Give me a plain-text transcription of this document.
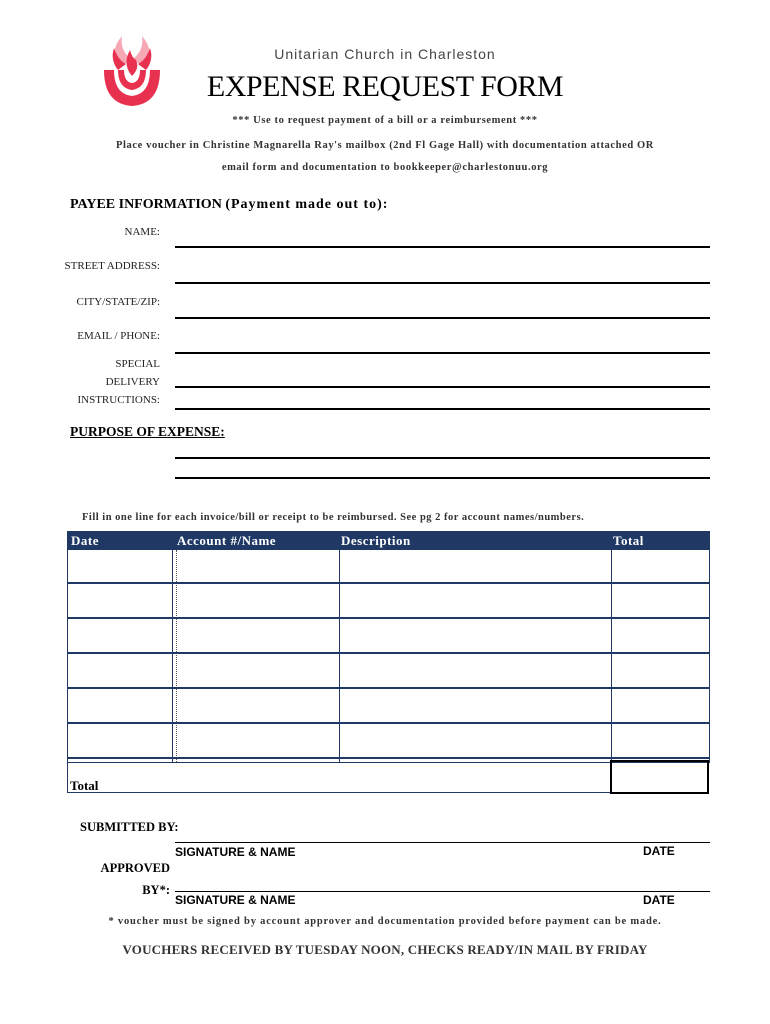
Unitarian Church in Charleston
EXPENSE REQUEST FORM
*** Use to request payment of a bill or a reimbursement ***
Place voucher in Christine Magnarella Ray's mailbox (2nd Fl Gage Hall) with documentation attached OR
email form and documentation to bookkeeper@charlestonuu.org
PAYEE INFORMATION (Payment made out to):
NAME:
STREET ADDRESS:
CITY/STATE/ZIP:
EMAIL / PHONE:
SPECIAL
DELIVERY
INSTRUCTIONS:
PURPOSE OF EXPENSE:
Fill in one line for each invoice/bill or receipt to be reimbursed. See pg 2 for account names/numbers.
Date	Account #/Name	Description	Total
Total
SUBMITTED BY:
SIGNATURE & NAME	DATE
APPROVED
BY*:
SIGNATURE & NAME	DATE
* voucher must be signed by account approver and documentation provided before payment can be made.
VOUCHERS RECEIVED BY TUESDAY NOON, CHECKS READY/IN MAIL BY FRIDAY
